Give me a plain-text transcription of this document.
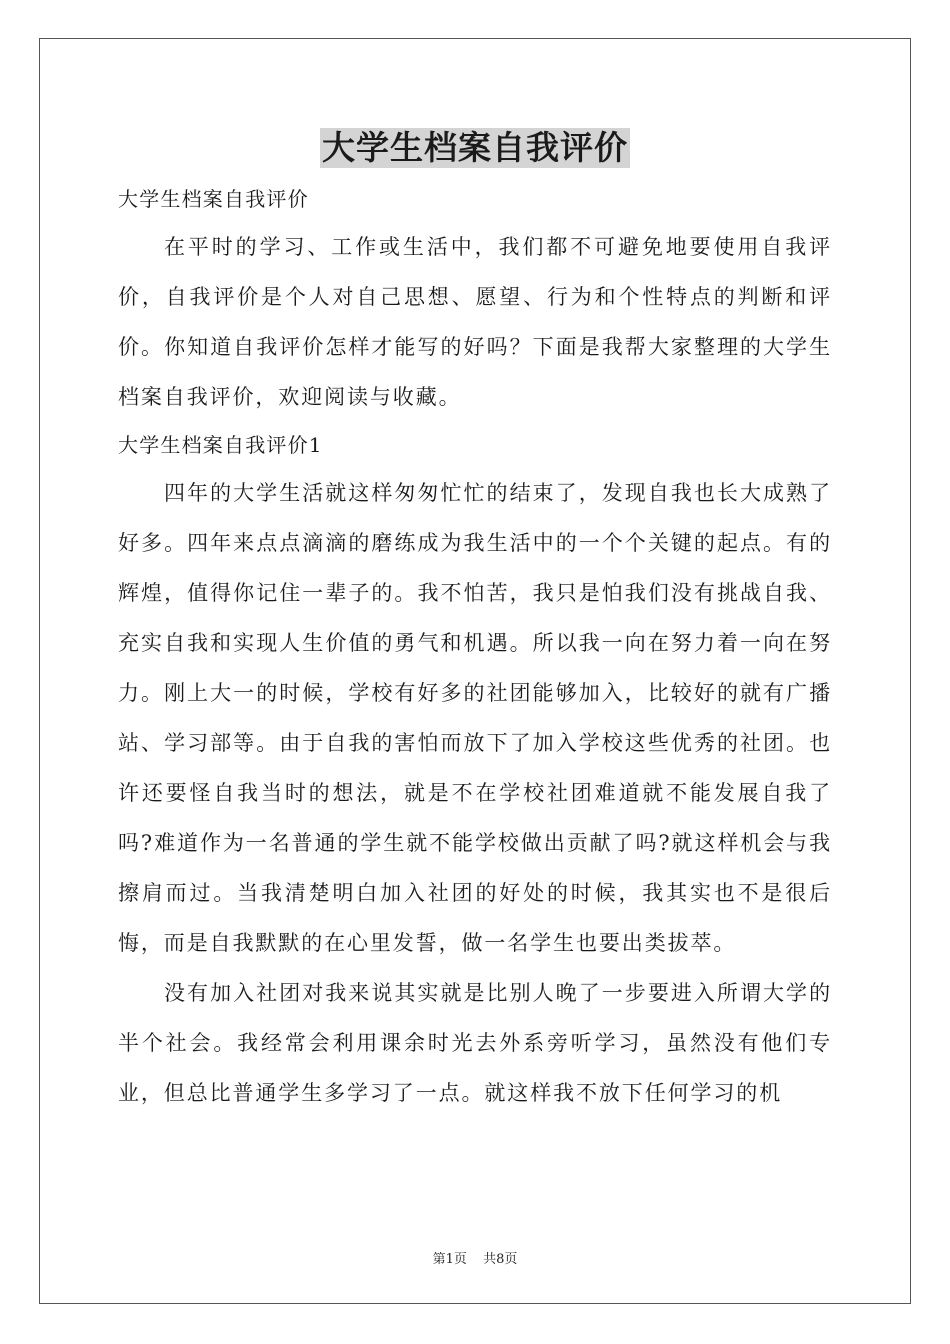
大学生档案自我评价

大学生档案自我评价

在平时的学习、工作或生活中，我们都不可避免地要使用自我评价，自我评价是个人对自己思想、愿望、行为和个性特点的判断和评价。你知道自我评价怎样才能写的好吗？下面是我帮大家整理的大学生档案自我评价，欢迎阅读与收藏。

大学生档案自我评价1

四年的大学生活就这样匆匆忙忙的结束了，发现自我也长大成熟了好多。四年来点点滴滴的磨练成为我生活中的一个个关键的起点。有的辉煌，值得你记住一辈子的。我不怕苦，我只是怕我们没有挑战自我、充实自我和实现人生价值的勇气和机遇。所以我一向在努力着一向在努力。刚上大一的时候，学校有好多的社团能够加入，比较好的就有广播站、学习部等。由于自我的害怕而放下了加入学校这些优秀的社团。也许还要怪自我当时的想法，就是不在学校社团难道就不能发展自我了吗?难道作为一名普通的学生就不能学校做出贡献了吗?就这样机会与我擦肩而过。当我清楚明白加入社团的好处的时候，我其实也不是很后悔，而是自我默默的在心里发誓，做一名学生也要出类拔萃。

没有加入社团对我来说其实就是比别人晚了一步要进入所谓大学的半个社会。我经常会利用课余时光去外系旁听学习，虽然没有他们专业，但总比普通学生多学习了一点。就这样我不放下任何学习的机

第1页 共8页
